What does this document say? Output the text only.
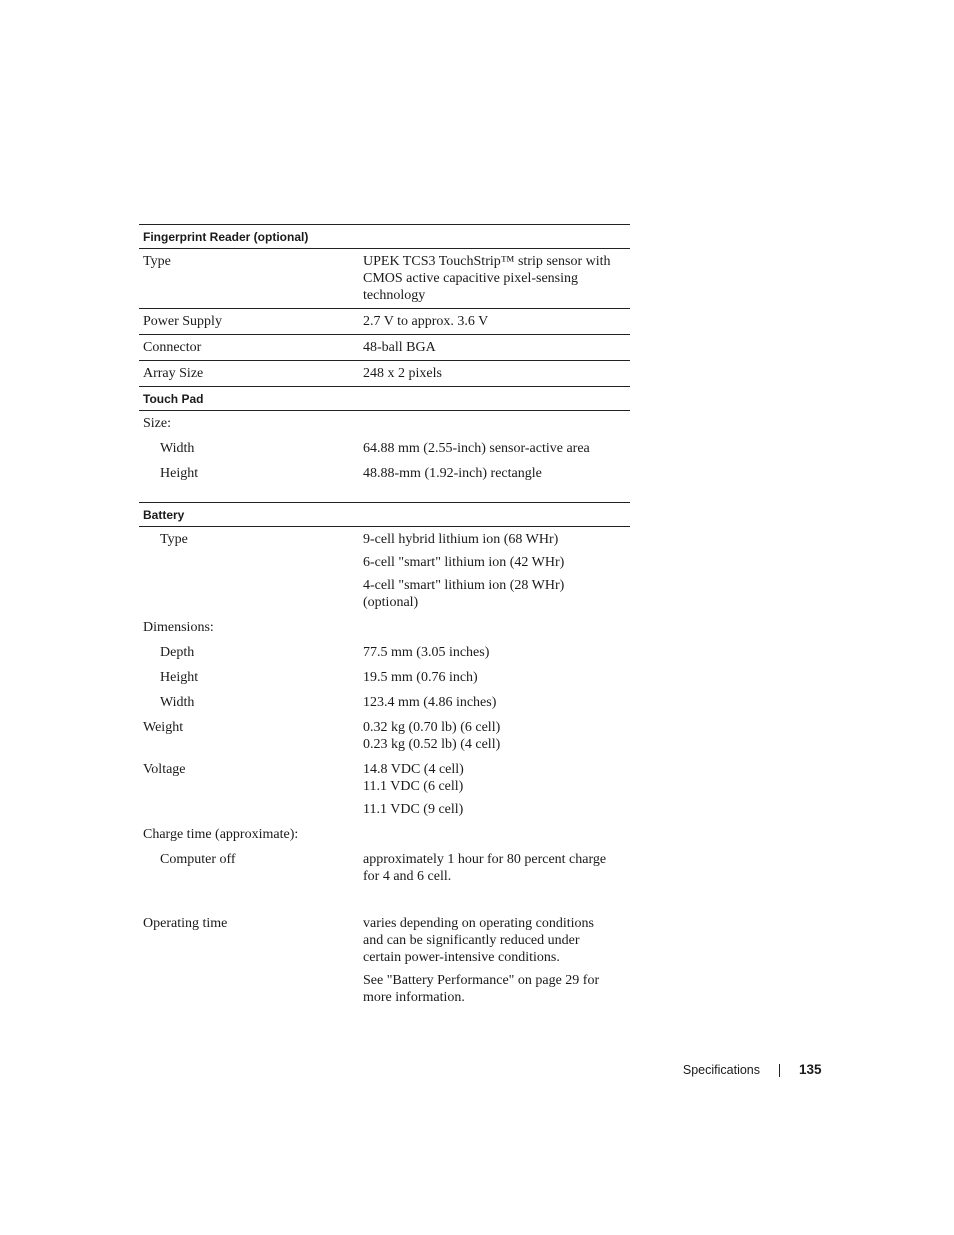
Fingerprint Reader (optional)
Type	UPEK TCS3 TouchStrip™ strip sensor with
CMOS active capacitive pixel-sensing
technology
Power Supply	2.7 V to approx. 3.6 V
Connector	48-ball BGA
Array Size	248 x 2 pixels
Touch Pad
Size:
Width	64.88 mm (2.55-inch) sensor-active area
Height	48.88-mm (1.92-inch) rectangle
Battery
Type	9-cell hybrid lithium ion (68 WHr)
6-cell "smart" lithium ion (42 WHr)
4-cell "smart" lithium ion (28 WHr)
(optional)
Dimensions:
Depth	77.5 mm (3.05 inches)
Height	19.5 mm (0.76 inch)
Width	123.4 mm (4.86 inches)
Weight	0.32 kg (0.70 lb) (6 cell)
0.23 kg (0.52 lb) (4 cell)
Voltage	14.8 VDC (4 cell)
11.1 VDC (6 cell)
11.1 VDC (9 cell)
Charge time (approximate):
Computer off	approximately 1 hour for 80 percent charge
for 4 and 6 cell.
Operating time	varies depending on operating conditions
and can be significantly reduced under
certain power-intensive conditions.
See "Battery Performance" on page 29 for
more information.
Specifications	135
